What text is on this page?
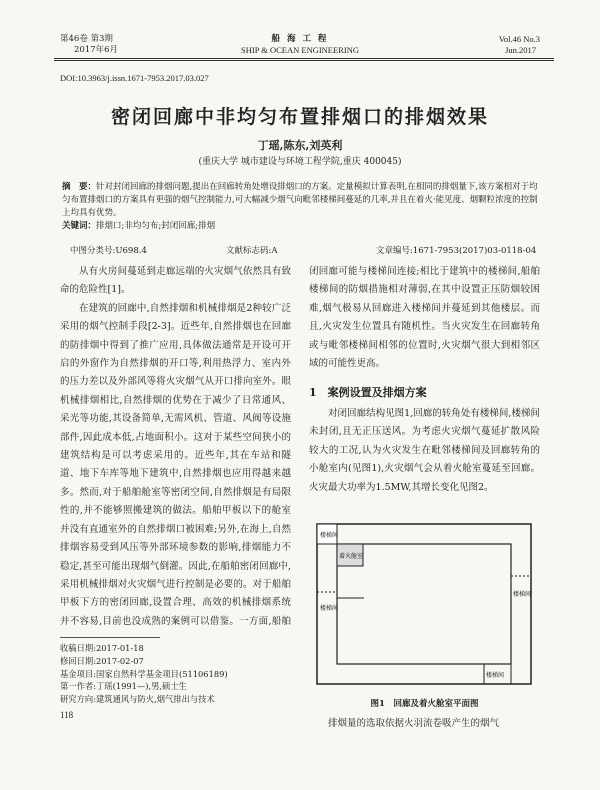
第46卷 第3期
2017年6月
船 海 工 程
SHIP & OCEAN ENGINEERING
Vol.46 No.3
Jun.2017
DOI:10.3963/j.issn.1671-7953.2017.03.027
密闭回廊中非均匀布置排烟口的排烟效果
丁瑶,陈东,刘英利
(重庆大学 城市建设与环境工程学院,重庆 400045)
摘　要：针对封闭回廊的排烟问题,提出在回廊转角处增设排烟口的方案。定量模拟计算表明,在相同的排烟量下,该方案相对于均匀布置排烟口的方案具有更强的烟气控制能力,可大幅减少烟气向毗邻楼梯间蔓延的几率,并且在着火·能见度、烟颗粒浓度的控制上均具有优势。
关键词：排烟口;非均匀布;封闭回廊;排烟
中图分类号:U698.4	文献标志码:A	文章编号:1671-7953(2017)03-0118-04

从有火房间蔓延到走廊远端的火灾烟气依然具有致命的危险性[1]。

在建筑的回廊中,自然排烟和机械排烟是2种较广泛采用的烟气控制手段[2-3]。近些年,自然排烟也在回廊的防排烟中得到了推广应用,具体做法通常是开设可开启的外窗作为自然排烟的开口等,利用热浮力、室内外的压力差以及外部风等将火灾烟气从开口排向室外。眼机械排烟相比,自然排烟的优势在于减少了日常通风、采光等功能,其设备简单,无需风机、管道、风阀等设施部件,因此成本低,占地面积小。这对于某些空间狭小的建筑结构是可以考虑采用的。近些年,其在车站和隧道、地下车库等地下建筑中,自然排烟也应用得越来越多。然而,对于船舶舱室等密闭空间,自然排烟是有局限性的,并不能够照搬建筑的做法。船舶甲板以下的舱室并没有直通室外的自然排烟口被困难;另外,在海上,自然排烟容易受到风压等外部环境参数的影响,排烟能力不稳定,甚至可能出现烟气倒灌。因此,在船舶密闭回廊中,采用机械排烟对火灾烟气进行控制是必要的。对于船舶甲板下方的密闭回廊,设置合理、高效的机械排烟系统并不容易,目前也没成熟的案例可以借鉴。一方面,船舶

收稿日期:2017-01-18
修回日期:2017-02-07
基金项目:国家自然科学基金项目(51106189)
第一作者:丁瑶(1991—),男,硕士生
研究方向:建筑通风与防火,烟气排出与技术
118

闭回廊可能与楼梯间连接;相比于建筑中的楼梯间,船舶楼梯间的防烟措施相对薄弱,在其中设置正压防烟较困难,烟气极易从回廊进入楼梯间并蔓延到其他楼层。而且,火灾发生位置具有随机性。当火灾发生在回廊转角或与毗邻楼梯间相邻的位置时,火灾烟气很大到相邻区域的可能性更高。

1　案例设置及排烟方案

对闭回廊结构见图1,回廊的转角处有楼梯间,楼梯间未封闭,且无正压送风。为考虑火灾烟气蔓延扩散风险较大的工况,认为火灾发生在毗邻楼梯间及回廊转角的小舱室内(见图1),火灾烟气会从着火舱室蔓延至回廊。火灾最大功率为1.5MW,其增长变化见图2。

楼梯间
着火舱室
楼梯间
楼梯间
楼梯间
图1　回廊及着火舱室平面图

排烟量的选取依据火羽流卷吸产生的烟气
